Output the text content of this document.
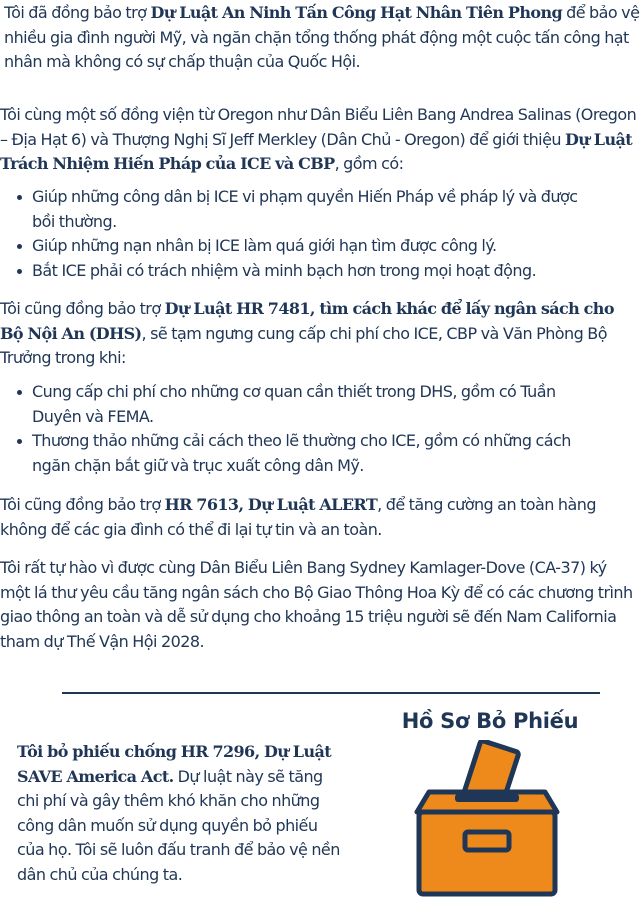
Tôi đã đồng bảo trợ Dự Luật An Ninh Tấn Công Hạt Nhân Tiên Phong để bảo vệ nhiều gia đình người Mỹ, và ngăn chặn tổng thống phát động một cuộc tấn công hạt nhân mà không có sự chấp thuận của Quốc Hội.

Tôi cùng một số đồng viện từ Oregon như Dân Biểu Liên Bang Andrea Salinas (Oregon – Địa Hạt 6) và Thượng Nghị Sĩ Jeff Merkley (Dân Chủ - Oregon) để giới thiệu Dự Luật Trách Nhiệm Hiến Pháp của ICE và CBP, gồm có:

Giúp những công dân bị ICE vi phạm quyền Hiến Pháp về pháp lý và được bồi thường.
Giúp những nạn nhân bị ICE làm quá giới hạn tìm được công lý.
Bắt ICE phải có trách nhiệm và minh bạch hơn trong mọi hoạt động.

Tôi cũng đồng bảo trợ Dự Luật HR 7481, tìm cách khác để lấy ngân sách cho Bộ Nội An (DHS), sẽ tạm ngưng cung cấp chi phí cho ICE, CBP và Văn Phòng Bộ Trưởng trong khi:

Cung cấp chi phí cho những cơ quan cần thiết trong DHS, gồm có Tuần Duyên và FEMA.
Thương thảo những cải cách theo lẽ thường cho ICE, gồm có những cách ngăn chặn bắt giữ và trục xuất công dân Mỹ.

Tôi cũng đồng bảo trợ HR 7613, Dự Luật ALERT, để tăng cường an toàn hàng không để các gia đình có thể đi lại tự tin và an toàn.

Tôi rất tự hào vì được cùng Dân Biểu Liên Bang Sydney Kamlager-Dove (CA-37) ký một lá thư yêu cầu tăng ngân sách cho Bộ Giao Thông Hoa Kỳ để có các chương trình giao thông an toàn và dễ sử dụng cho khoảng 15 triệu người sẽ đến Nam California tham dự Thế Vận Hội 2028.

Hồ Sơ Bỏ Phiếu

Tôi bỏ phiếu chống HR 7296, Dự Luật SAVE America Act. Dự luật này sẽ tăng chi phí và gây thêm khó khăn cho những công dân muốn sử dụng quyền bỏ phiếu của họ. Tôi sẽ luôn đấu tranh để bảo vệ nền dân chủ của chúng ta.
